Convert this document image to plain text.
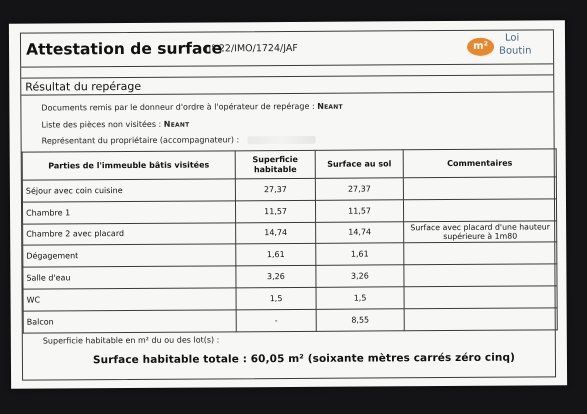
Attestation de surface
n° 22/IMO/1724/JAF	m²
Loi
Boutin
Résultat du repérage
Documents remis par le donneur d'ordre à l'opérateur de repérage : Neant
Liste des pièces non visitées : Neant
Représentant du propriétaire (accompagnateur) :
Parties de l'immeuble bâtis visitées	Superficie habitable	Surface au sol	Commentaires
Séjour avec coin cuisine	27,37	27,37	
Chambre 1	11,57	11,57	
Chambre 2 avec placard	14,74	14,74	Surface avec placard d'une hauteur supérieure à 1m80
Dégagement	1,61	1,61	
Salle d'eau	3,26	3,26	
WC	1,5	1,5	
Balcon	-	8,55	
Superficie habitable en m² du ou des lot(s) :
Surface habitable totale : 60,05 m² (soixante mètres carrés zéro cinq)
